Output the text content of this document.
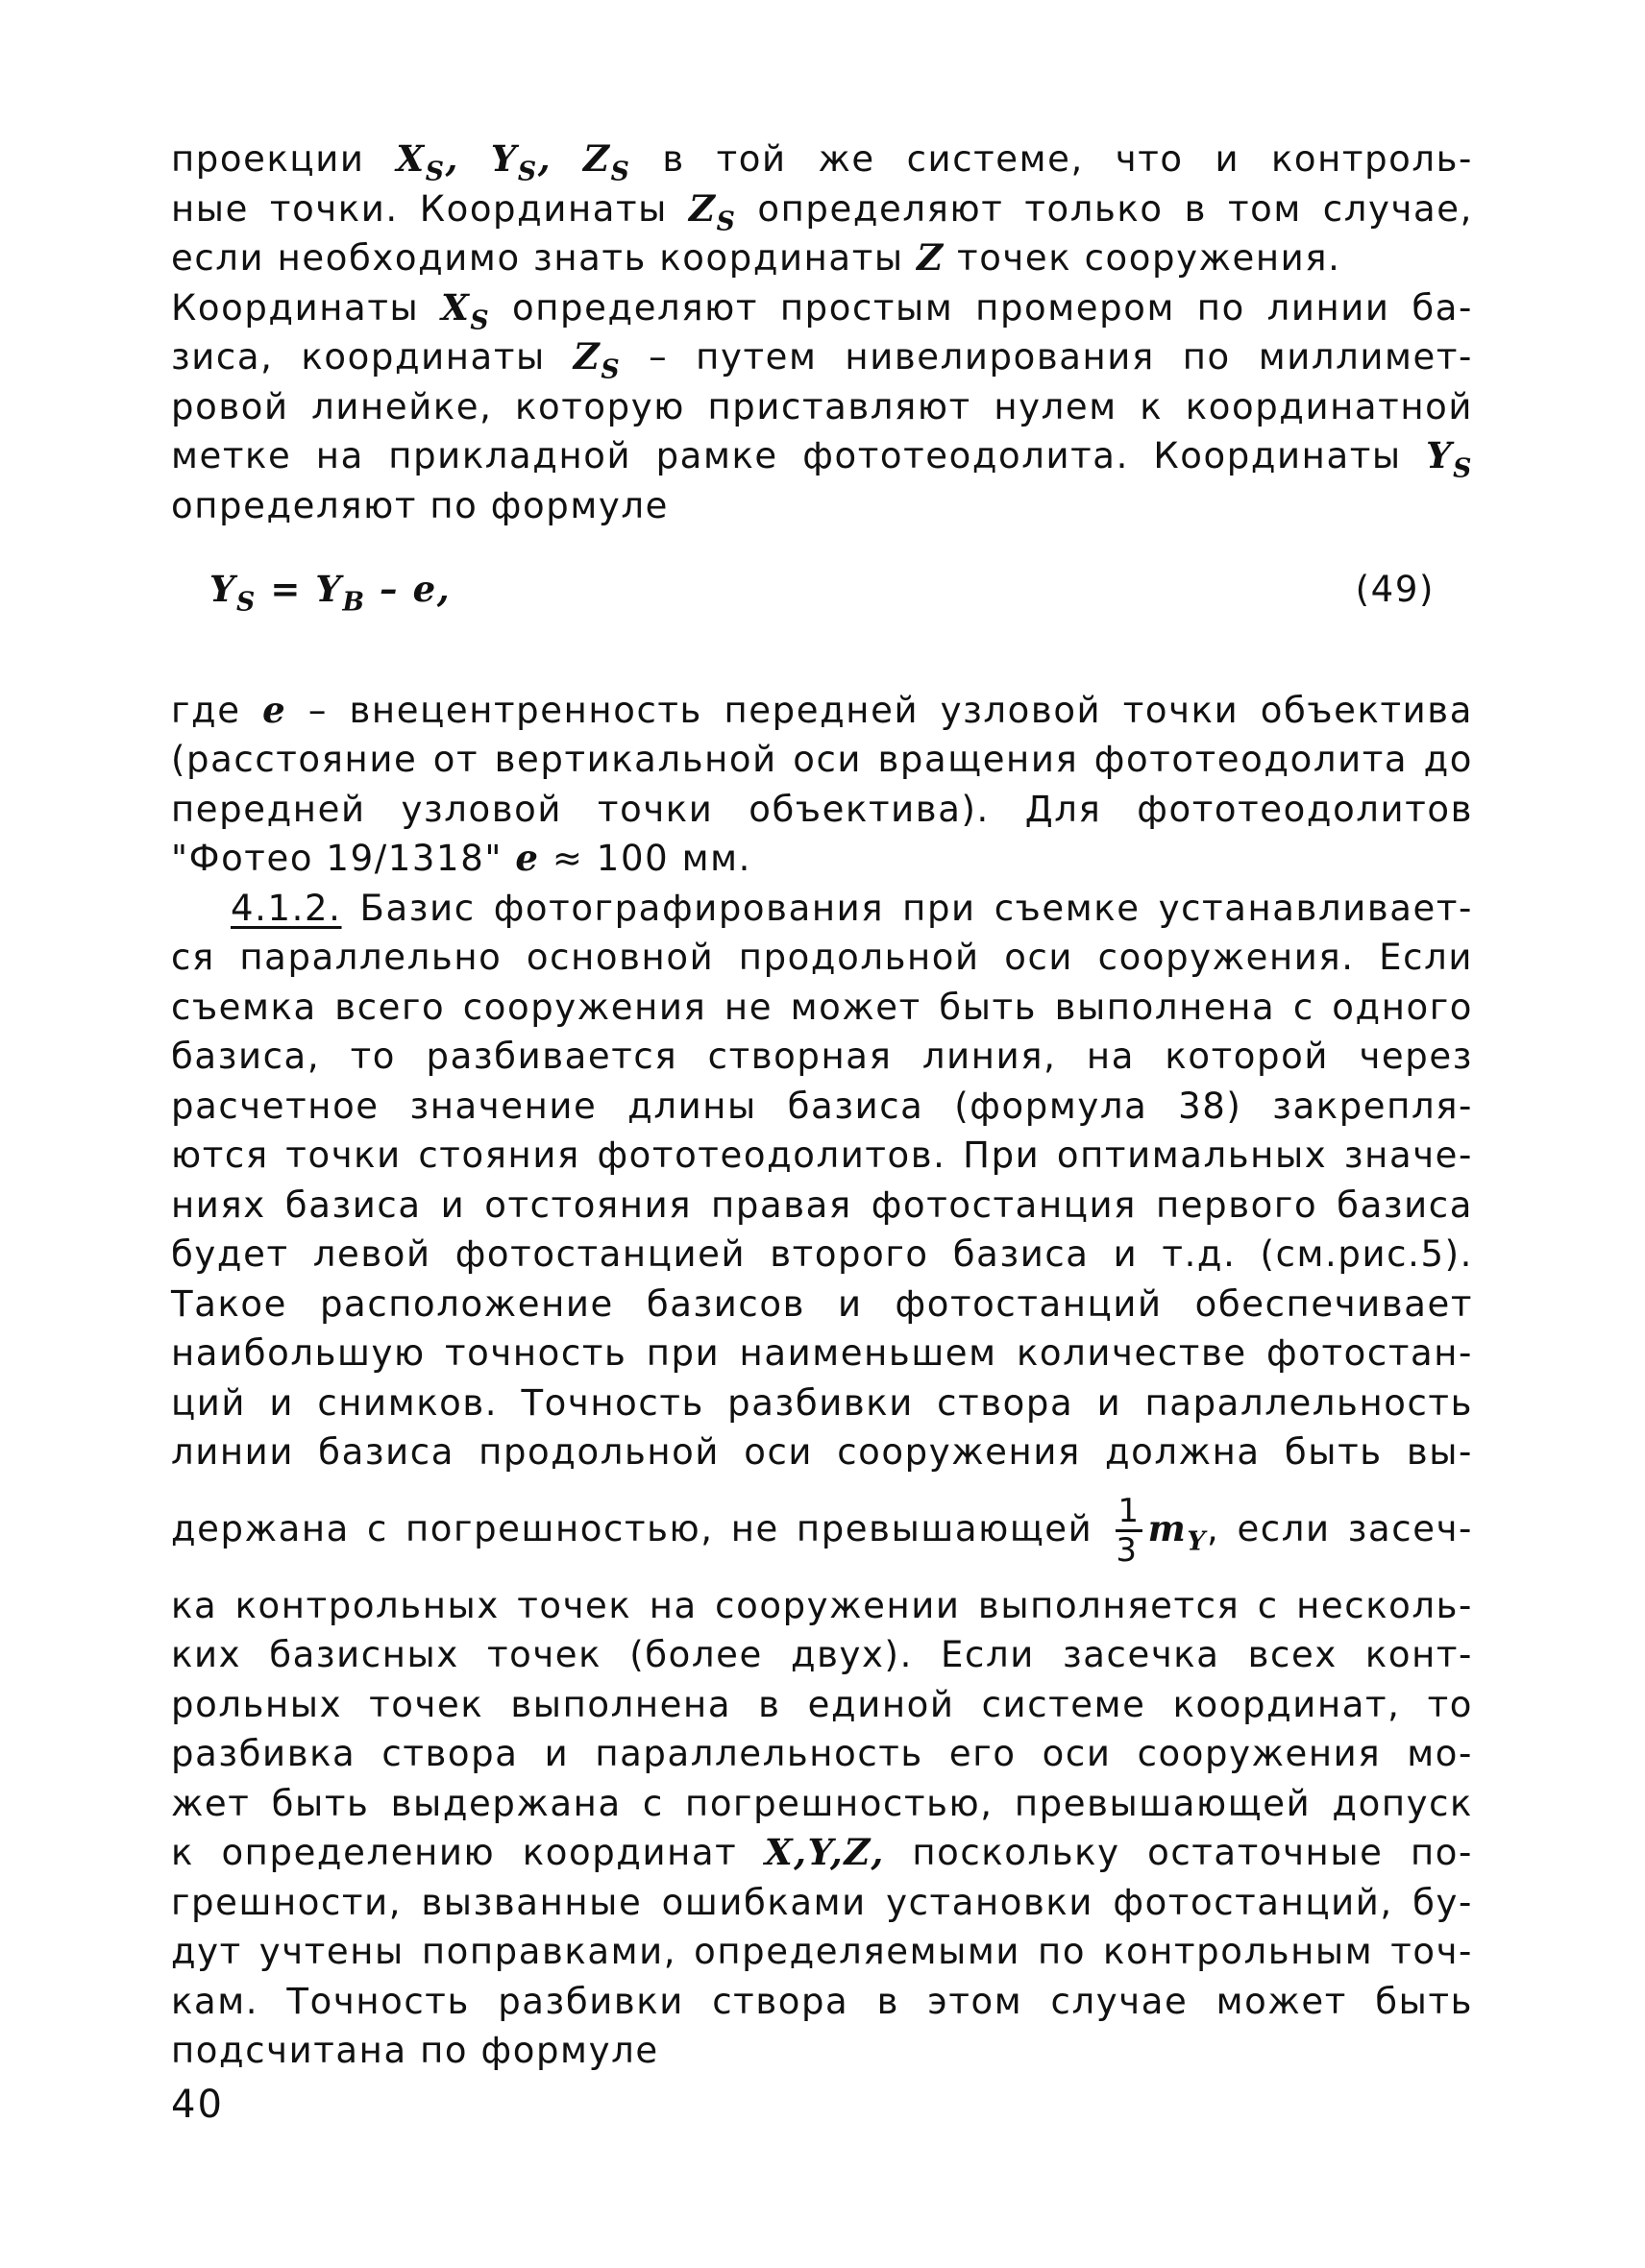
проекции $X_S$, $Y_S$, $Z_S$ в той же системе, что и контроль-
ные точки. Координаты $Z_S$ определяют только в том случае,
если необходимо знать координаты Z точек сооружения.
Координаты $X_S$ определяют простым промером по линии ба-
зиса, координаты $Z_S$ – путем нивелирования по миллимет-
ровой линейке, которую приставляют нулем к координатной
метке на прикладной рамке фототеодолита. Координаты $Y_S$
определяют по формуле
$Y_S = Y_B - e$,	(49)
где e – внецентренность передней узловой точки объектива
(расстояние от вертикальной оси вращения фототеодолита до
передней узловой точки объектива). Для фототеодолитов
"Фотео 19/1318" e ≈ 100 мм.
4.1.2. Базис фотографирования при съемке устанавливает-
ся параллельно основной продольной оси сооружения. Если
съемка всего сооружения не может быть выполнена с одного
базиса, то разбивается створная линия, на которой через
расчетное значение длины базиса (формула 38) закрепля-
ются точки стояния фототеодолитов. При оптимальных значе-
ниях базиса и отстояния правая фотостанция первого базиса
будет левой фотостанцией второго базиса и т.д. (см.рис.5).
Такое расположение базисов и фотостанций обеспечивает
наибольшую точность при наименьшем количестве фотостан-
ций и снимков. Точность разбивки створа и параллельность
линии базиса продольной оси сооружения должна быть вы-
держана с погрешностью, не превышающей $\frac{1}{3} m_Y$, если засеч-
ка контрольных точек на сооружении выполняется с несколь-
ких базисных точек (более двух). Если засечка всех конт-
рольных точек выполнена в единой системе координат, то
разбивка створа и параллельность его оси сооружения мо-
жет быть выдержана с погрешностью, превышающей допуск
к определению координат X,Y,Z, поскольку остаточные по-
грешности, вызванные ошибками установки фотостанций, бу-
дут учтены поправками, определяемыми по контрольным точ-
кам. Точность разбивки створа в этом случае может быть
подсчитана по формуле
40
